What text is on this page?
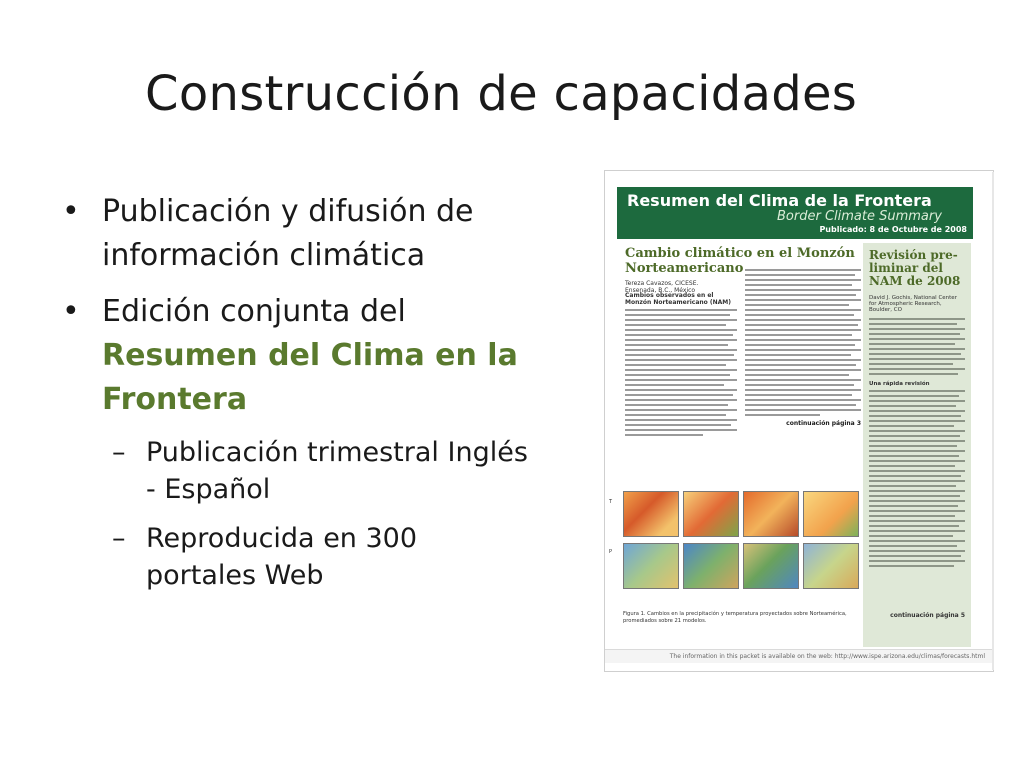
Construcción de capacidades
• Publicación y difusión de información climática
• Edición conjunta del Resumen del Clima en la Frontera
– Publicación trimestral Inglés - Español
– Reproducida en 300 portales Web
Resumen del Clima de la Frontera
Border Climate Summary
Publicado: 8 de Octubre de 2008
Cambio climático en el Monzón Norteamericano
Tereza Cavazos, CICESE.
Ensenada, B.C., México
Cambios observados en el Monzón Norteamericano (NAM)
continuación página 3
T
P
Figura 1. Cambios en la precipitación y temperatura proyectados sobre Norteamérica, promediados sobre 21 modelos.
Revisión pre-liminar del NAM de 2008
David J. Gochis, National Center for Atmospheric Research, Boulder, CO
Una rápida revisión
continuación página 5
The information in this packet is available on the web: http://www.ispe.arizona.edu/climas/forecasts.html
